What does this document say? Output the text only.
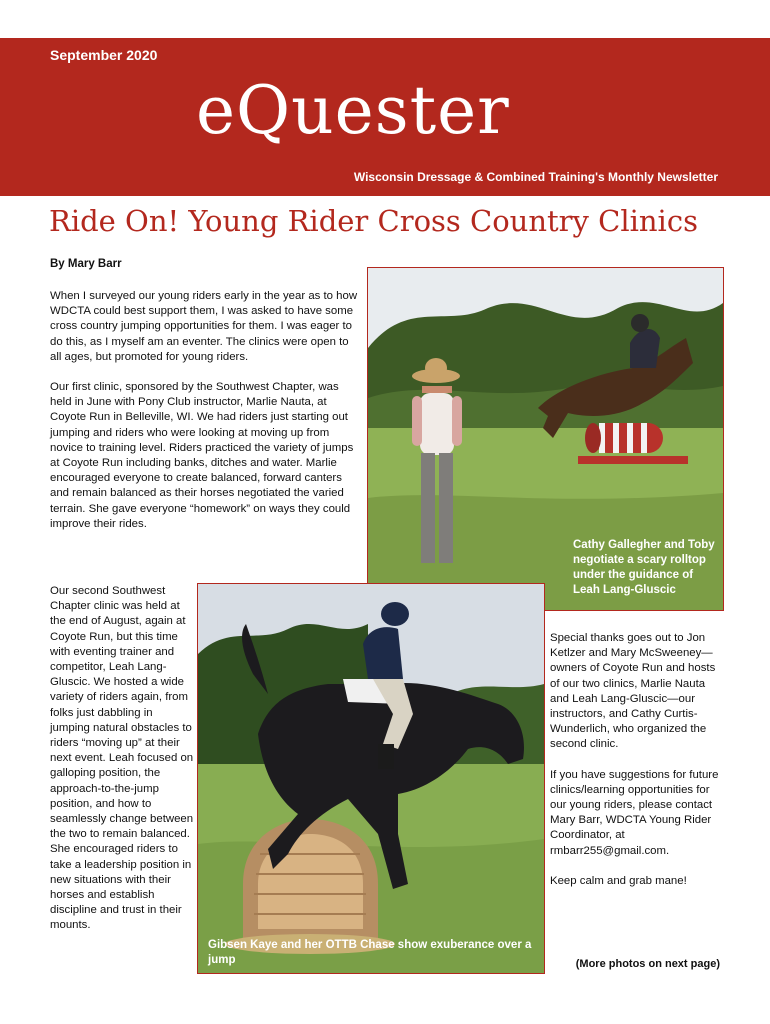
September 2020
eQuester
Wisconsin Dressage & Combined Training's Monthly Newsletter
Ride On! Young Rider Cross Country Clinics
By Mary Barr

When I surveyed our young riders early in the year as to how WDCTA could best support them, I was asked to have some cross country jumping opportunities for them. I was eager to do this, as I myself am an eventer. The clinics were open to all ages, but promoted for young riders.

Our first clinic, sponsored by the Southwest Chapter, was held in June with Pony Club instructor, Marlie Nauta, at Coyote Run in Belleville, WI. We had riders just starting out jumping and riders who were looking at moving up from novice to training level. Riders practiced the variety of jumps at Coyote Run including banks, ditches and water. Marlie encouraged everyone to create balanced, forward canters and remain balanced as their horses negotiated the varied terrain. She gave everyone “homework” on ways they could improve their rides.

Our second Southwest Chapter clinic was held at the end of August, again at Coyote Run, but this time with eventing trainer and competitor, Leah Lang-Gluscic. We hosted a wide variety of riders again, from folks just dabbling in jumping natural obstacles to riders “moving up” at their next event. Leah focused on galloping position, the approach-to-the-jump position, and how to seamlessly change between the two to remain balanced. She encouraged riders to take a leadership position in new situations with their horses and establish discipline and trust in their mounts.

Special thanks goes out to Jon Ketlzer and Mary McSweeney—owners of Coyote Run and hosts of our two clinics, Marlie Nauta and Leah Lang-Gluscic—our instructors, and Cathy Curtis-Wunderlich, who organized the second clinic.

If you have suggestions for future clinics/learning opportunities for our young riders, please contact Mary Barr, WDCTA Young Rider Coordinator, at rmbarr255@gmail.com.

Keep calm and grab mane!

Cathy Gallegher and Toby negotiate a scary rolltop under the guidance of Leah Lang-Gluscic
Gibsen Kaye and her OTTB Chase show exuberance over a jump	(More photos on next page)
